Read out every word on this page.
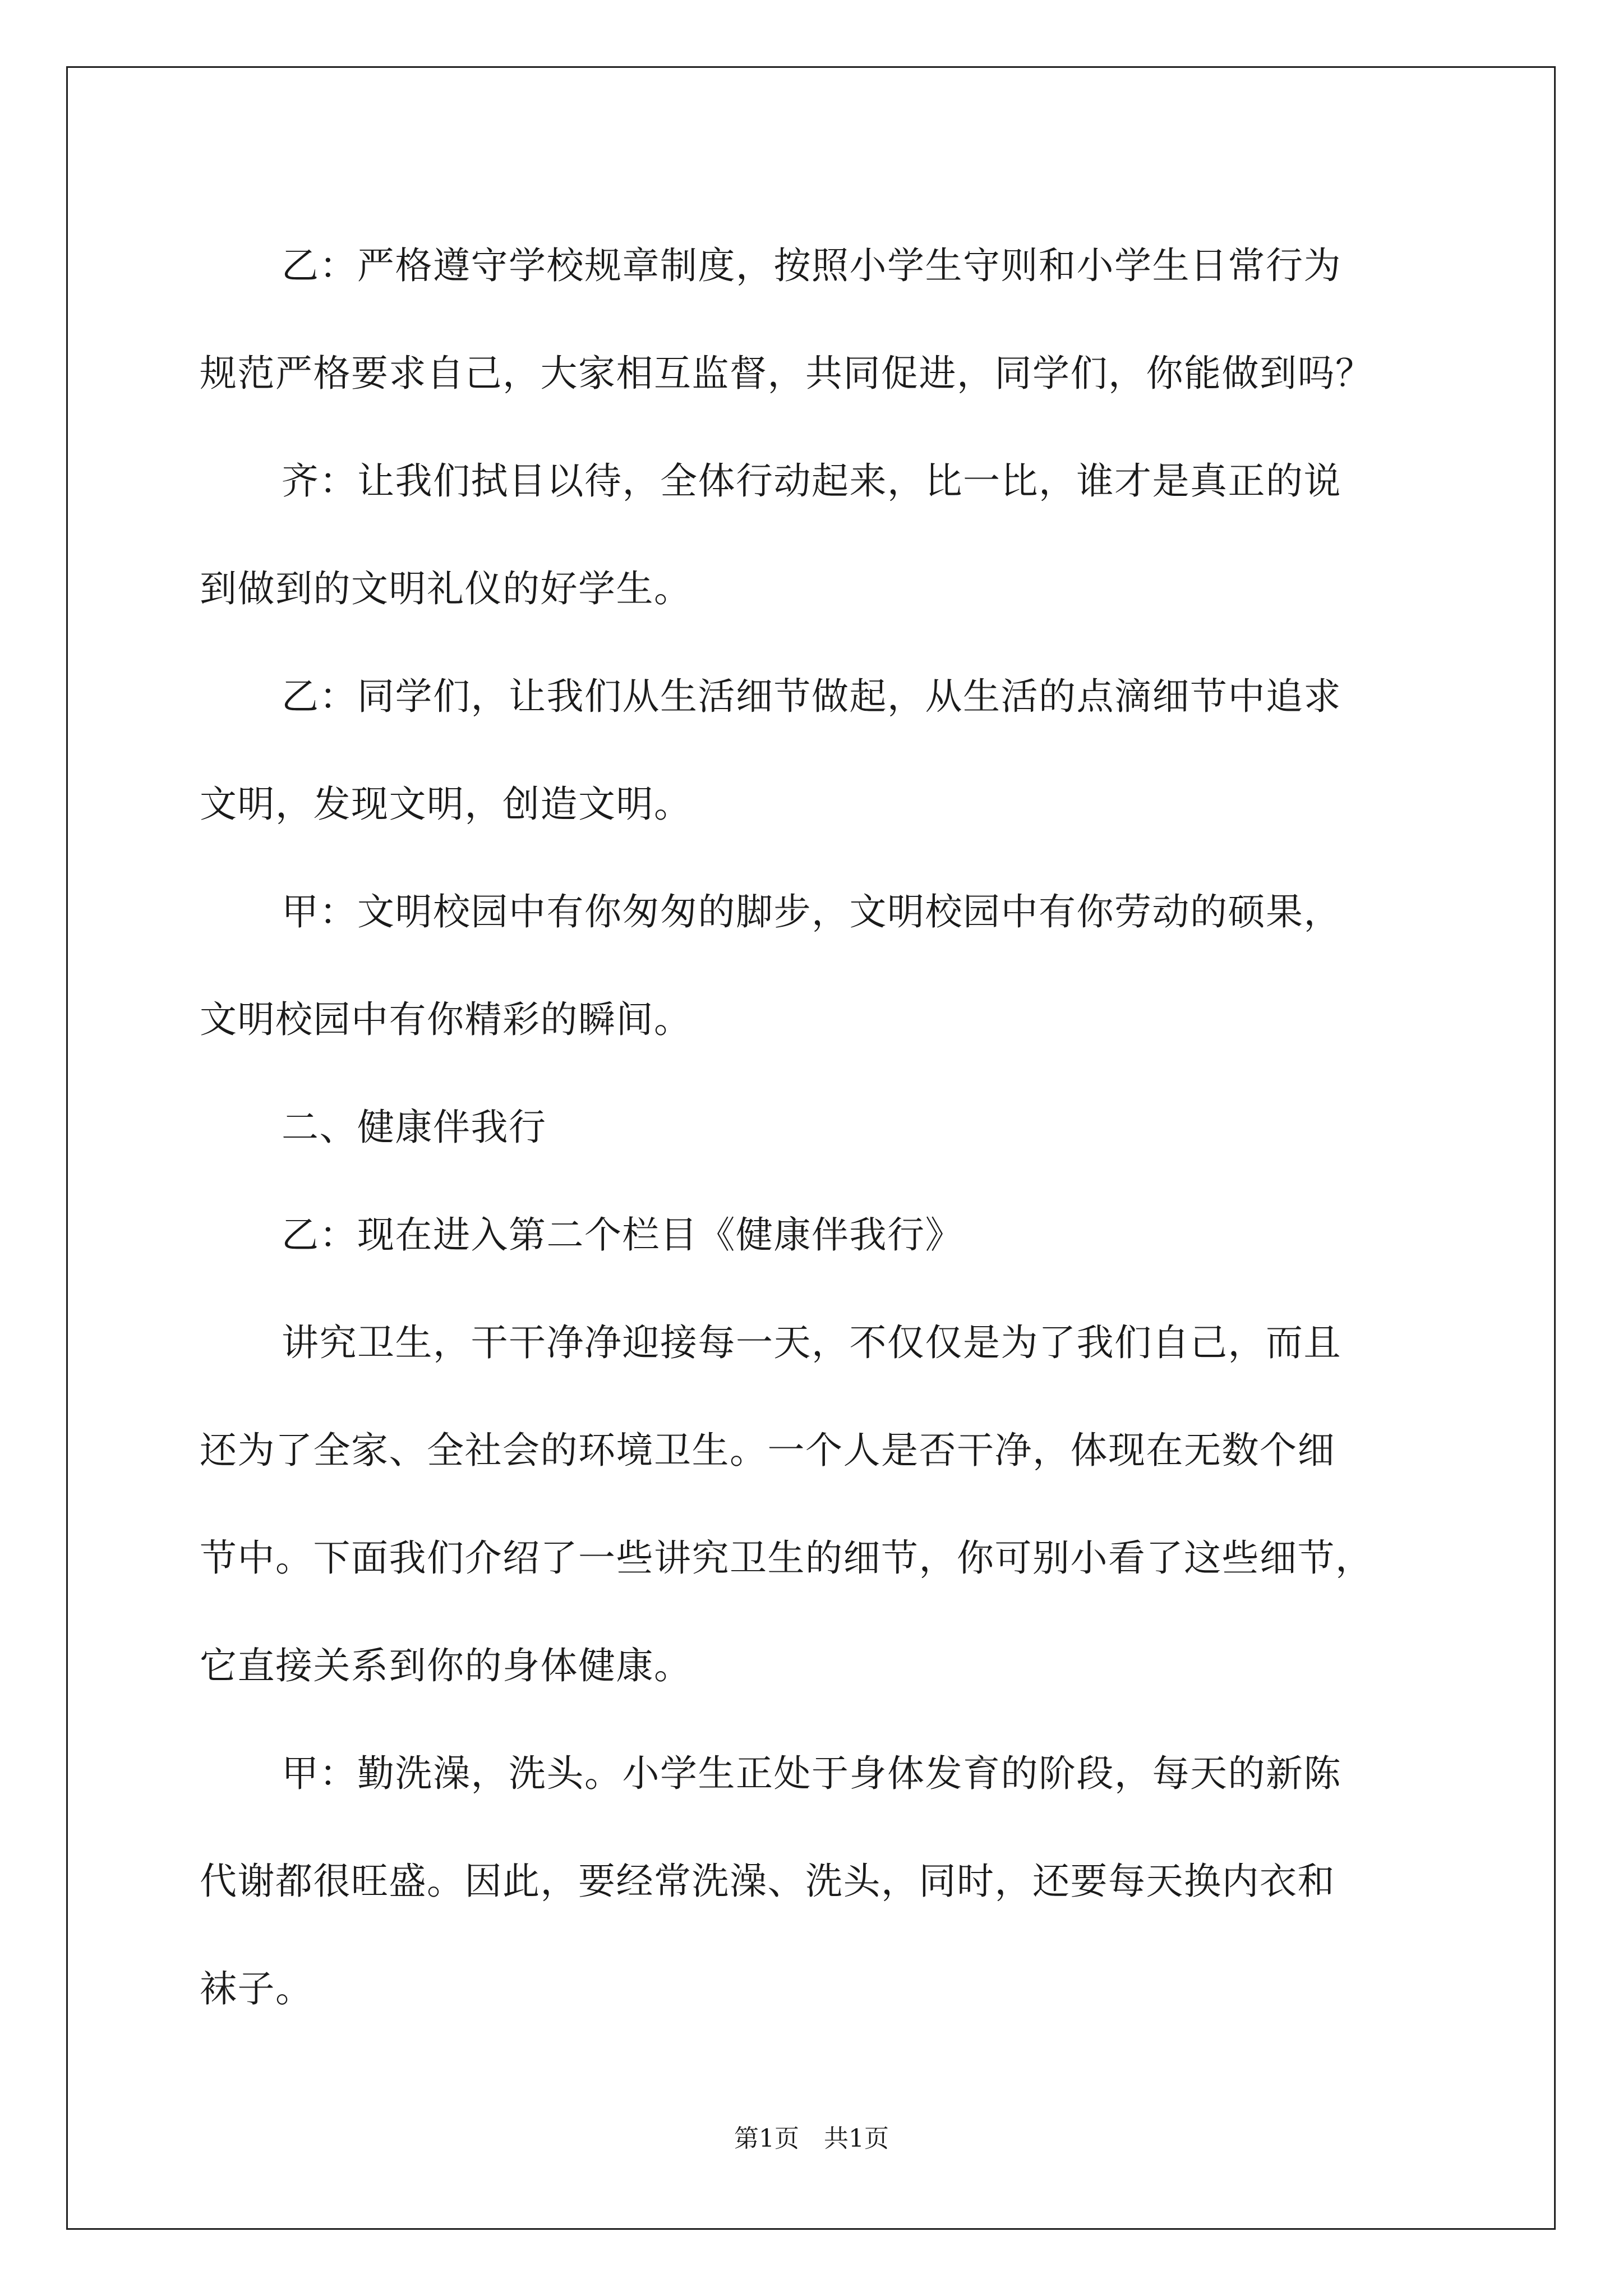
乙：严格遵守学校规章制度，按照小学生守则和小学生日常行为
规范严格要求自己，大家相互监督，共同促进，同学们，你能做到吗？
齐：让我们拭目以待，全体行动起来，比一比，谁才是真正的说
到做到的文明礼仪的好学生。
乙：同学们，让我们从生活细节做起，从生活的点滴细节中追求
文明，发现文明，创造文明。
甲：文明校园中有你匆匆的脚步，文明校园中有你劳动的硕果，
文明校园中有你精彩的瞬间。
二、健康伴我行
乙：现在进入第二个栏目《健康伴我行》
讲究卫生，干干净净迎接每一天，不仅仅是为了我们自己，而且
还为了全家、全社会的环境卫生。一个人是否干净，体现在无数个细
节中。下面我们介绍了一些讲究卫生的细节，你可别小看了这些细节，
它直接关系到你的身体健康。
甲：勤洗澡，洗头。小学生正处于身体发育的阶段，每天的新陈
代谢都很旺盛。因此，要经常洗澡、洗头，同时，还要每天换内衣和
袜子。
第1页　共1页
